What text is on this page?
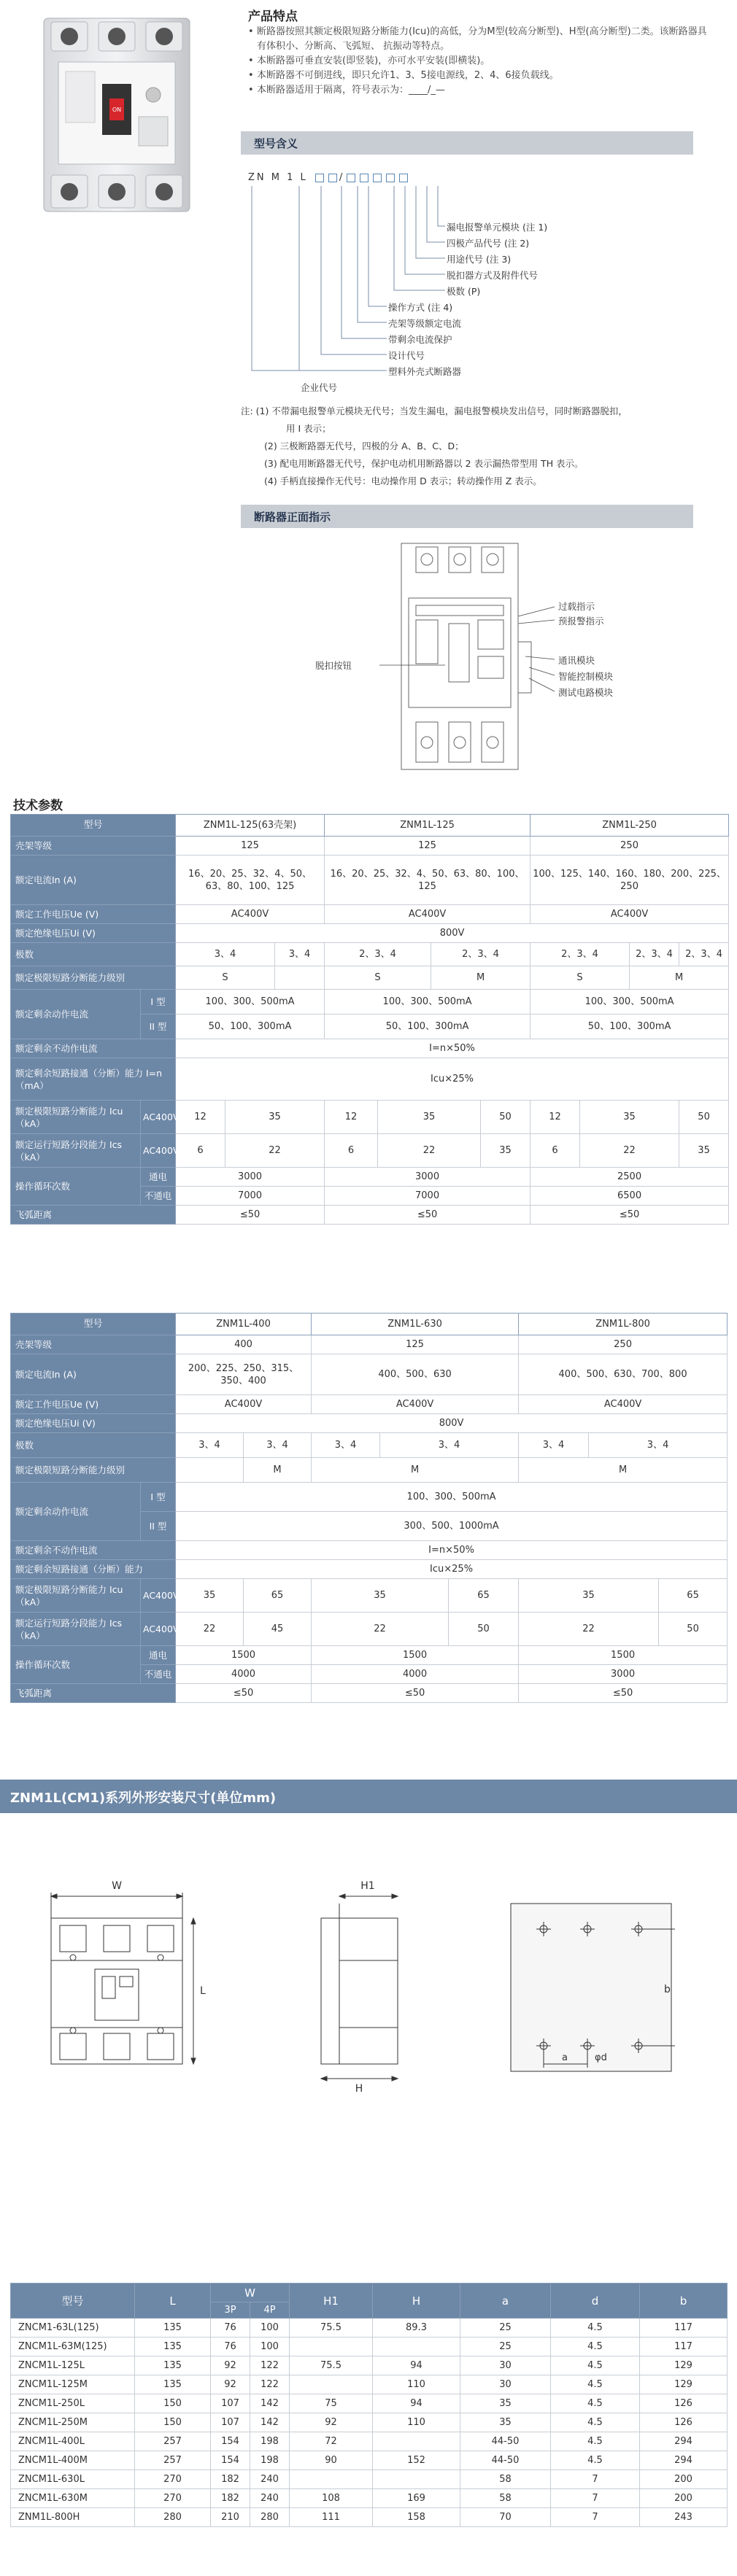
ON
产品特点
• 断路器按照其额定极限短路分断能力(Icu)的高低，分为M型(较高分断型)、H型(高分断型)二类。该断路器具有体积小、分断高、飞弧短、 抗振动等特点。
• 本断路器可垂直安装(即竖装)，亦可水平安装(即横装)。
• 本断路器不可倒进线，即只允许1、3、5接电源线，2、4、6接负载线。
• 本断路器适用于隔离，符号表示为：____/_—
型号含义
ZN M 1 L	/
漏电报警单元模块 (注 1)
四极产品代号 (注 2)
用途代号 (注 3)
脱扣器方式及附件代号
极数 (P)
操作方式 (注 4)
壳架等级额定电流
带剩余电流保护
设计代号
塑料外壳式断路器
企业代号
注: (1) 不带漏电报警单元模块无代号；当发生漏电，漏电报警模块发出信号，同时断路器脱扣，
用 I 表示；
(2) 三极断路器无代号，四极的分 A、B、C、D；
(3) 配电用断路器无代号，保护电动机用断路器以 2 表示漏热带型用 TH 表示。
(4) 手柄直接操作无代号：电动操作用 D 表示；转动操作用 Z 表示。
断路器正面指示
过载指示
预报警指示
通讯模块
智能控制模块
测试电路模块
脱扣按钮
技术参数
型号		ZNM1L-125(63壳架)			ZNM1L-125				ZNM1L-250			
壳架等级		125			125				250			
额定电流In (A)		16、20、25、32、4、50、63、80、100、125			16、20、25、32、4、50、63、80、100、125				100、125、140、160、180、200、225、250			
额定工作电压Ue (V)		AC400V			AC400V				AC400V			
额定绝缘电压Ui (V)		800V										
极数		3、4		3、4	2、3、4		2、3、4		2、3、4		2、3、4	2、3、4
额定极限短路分断能力级别		S			S		M		S		M	
额定剩余动作电流	I 型	100、300、500mA			100、300、500mA				100、300、500mA			
	II 型	50、100、300mA			50、100、300mA				50、100、300mA			
额定剩余不动作电流		I=n×50%										
额定剩余短路接通（分断）能力 I=n（mA）		Icu×25%										
额定极限短路分断能力 Icu（kA）	AC400V	12	35		12	35		50	12	35		50
额定运行短路分段能力 Ics（kA）	AC400V	6	22		6	22		35	6	22		35
操作循环次数	通电	3000			3000				2500			
	不通电	7000			7000				6500			
飞弧距离		≤50			≤50				≤50			
型号		ZNM1L-400		ZNM1L-630			ZNM1L-800		
壳架等级		400		125			250		
额定电流In (A)		200、225、250、315、350、400		400、500、630			400、500、630、700、800		
额定工作电压Ue (V)		AC400V		AC400V			AC400V		
额定绝缘电压Ui (V)		800V							
极数		3、4	3、4	3、4	3、4		3、4	3、4	
额定极限短路分断能力级别			M	M			M		
额定剩余动作电流	I 型	100、300、500mA							
	II 型	300、500、1000mA							
额定剩余不动作电流		I=n×50%							
额定剩余短路接通（分断）能力		Icu×25%							
额定极限短路分断能力 Icu（kA）	AC400V	35	65	35		65	35		65
额定运行短路分段能力 Ics（kA）	AC400V	22	45	22		50	22		50
操作循环次数	通电	1500		1500			1500		
	不通电	4000		4000			3000		
飞弧距离		≤50		≤50			≤50		
ZNM1L(CM1)系列外形安装尺寸(单位mm)
W
L
H1
H
b
a	φd
型号	L	W		H1	H	a	d	b
		3P	4P					
ZNCM1-63L(125)	135	76	100	75.5	89.3	25	4.5	117
ZNCM1L-63M(125)	135	76	100			25	4.5	117
ZNCM1L-125L	135	92	122	75.5	94	30	4.5	129
ZNCM1L-125M	135	92	122		110	30	4.5	129
ZNCM1L-250L	150	107	142	75	94	35	4.5	126
ZNCM1L-250M	150	107	142	92	110	35	4.5	126
ZNCM1L-400L	257	154	198	72		44-50	4.5	294
ZNCM1L-400M	257	154	198	90	152	44-50	4.5	294
ZNCM1L-630L	270	182	240			58	7	200
ZNCM1L-630M	270	182	240	108	169	58	7	200
ZNM1L-800H	280	210	280	111	158	70	7	243
